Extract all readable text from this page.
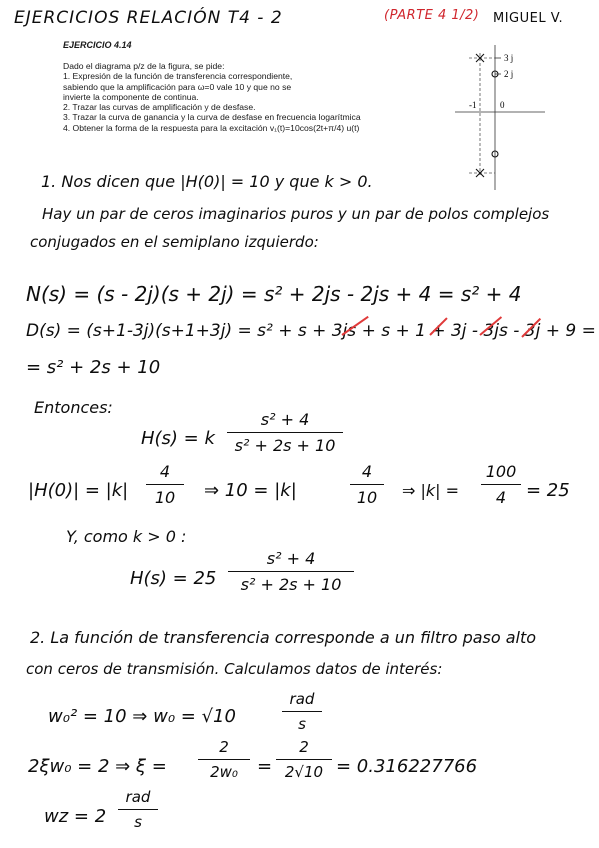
EJERCICIOS RELACIÓN T4 - 2	(PARTE 4 1/2) MIGUEL V.
EJERCICIO 4.14
Dado el diagrama p/z de la figura, se pide:
1. Expresión de la función de transferencia correspondiente,
sabiendo que la amplificación para ω=0 vale 10 y que no se
invierte la componente de continua.
2. Trazar las curvas de amplificación y de desfase.
3. Trazar la curva de ganancia y la curva de desfase en frecuencia logarítmica
4. Obtener la forma de la respuesta para la excitación v₁(t)=10cos(2t+π/4) u(t)
3 j
2 j
-1	0
1. Nos dicen que |H(0)| = 10 y que k > 0.
Hay un par de ceros imaginarios puros y un par de polos complejos
conjugados en el semiplano izquierdo:
N(s) = (s - 2j)(s + 2j) = s² + 2js - 2js + 4 = s² + 4
D(s) = (s+1-3j)(s+1+3j) = s² + s + 3js + s + 1 + 3j - 3js - 3j + 9 =
= s² + 2s + 10
Entonces:
H(s) = k
s² + 4
s² + 2s + 10
|H(0)| = |k|
4
10	⇒ 10 = |k|
4
10	⇒ |k| =
100
4	= 25
Y, como k > 0 :
H(s) = 25
s² + 4
s² + 2s + 10
2. La función de transferencia corresponde a un filtro paso alto
con ceros de transmisión. Calculamos datos de interés:
w₀² = 10 ⇒ w₀ = √10
rad
s
2ξw₀ = 2 ⇒ ξ =
2
2w₀	=
2
2√10 = 0.316227766
wz = 2
rad
s
